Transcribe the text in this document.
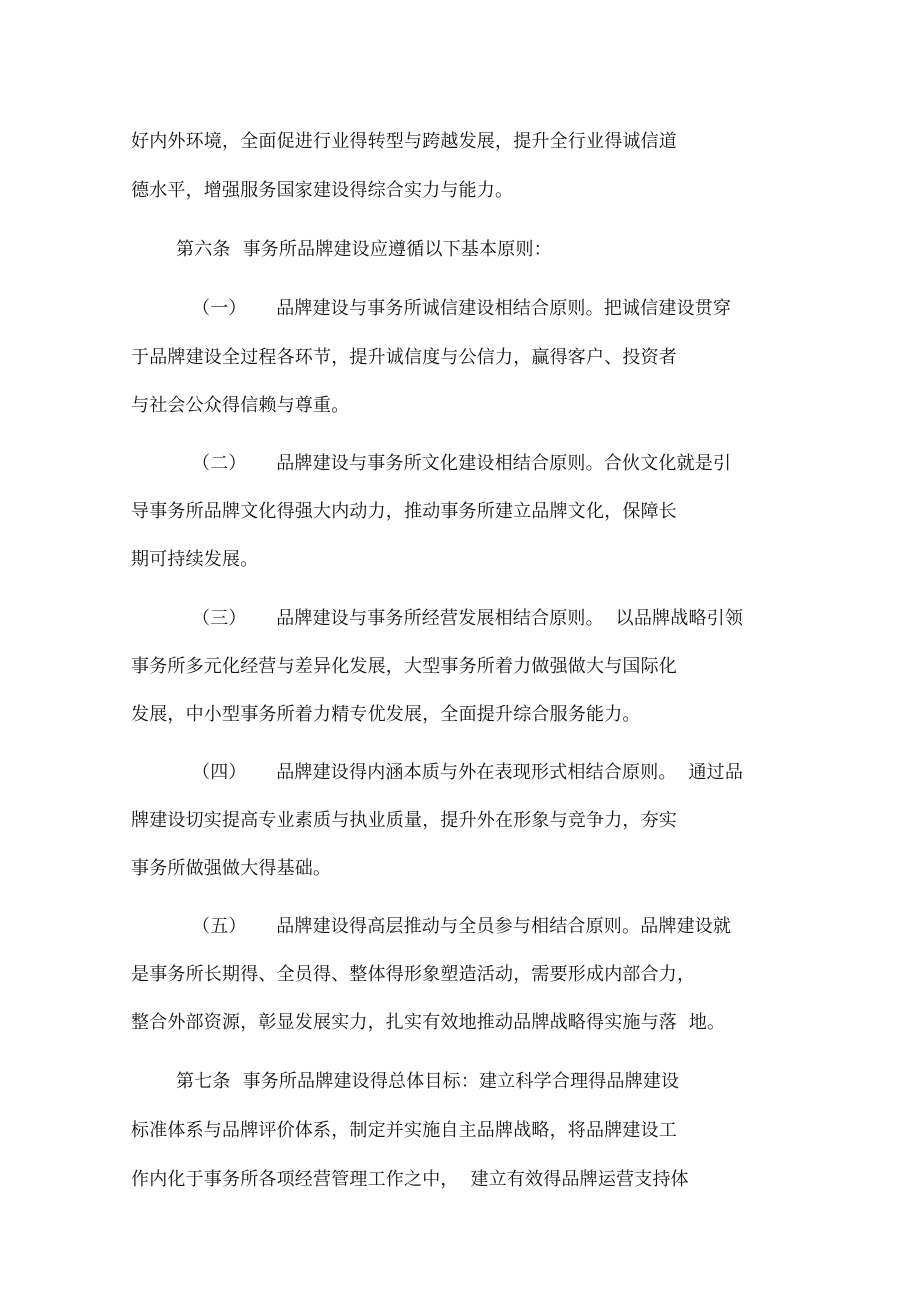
好内外环境，全面促进行业得转型与跨越发展，提升全行业得诚信道
德水平，增强服务国家建设得综合实力与能力。
第六条  事务所品牌建设应遵循以下基本原则：
（一）     品牌建设与事务所诚信建设相结合原则。把诚信建设贯穿
于品牌建设全过程各环节，提升诚信度与公信力，赢得客户、投资者
与社会公众得信赖与尊重。
（二）     品牌建设与事务所文化建设相结合原则。合伙文化就是引
导事务所品牌文化得强大内动力，推动事务所建立品牌文化，保障长
期可持续发展。
（三）     品牌建设与事务所经营发展相结合原则。  以品牌战略引领
事务所多元化经营与差异化发展，大型事务所着力做强做大与国际化
发展，中小型事务所着力精专优发展，全面提升综合服务能力。
（四）     品牌建设得内涵本质与外在表现形式相结合原则。  通过品
牌建设切实提高专业素质与执业质量，提升外在形象与竞争力，夯实
事务所做强做大得基础。
（五）     品牌建设得高层推动与全员参与相结合原则。品牌建设就
是事务所长期得、全员得、整体得形象塑造活动，需要形成内部合力，
整合外部资源，彰显发展实力，扎实有效地推动品牌战略得实施与落  地。
第七条  事务所品牌建设得总体目标：建立科学合理得品牌建设
标准体系与品牌评价体系，制定并实施自主品牌战略，将品牌建设工
作内化于事务所各项经营管理工作之中，  建立有效得品牌运营支持体
